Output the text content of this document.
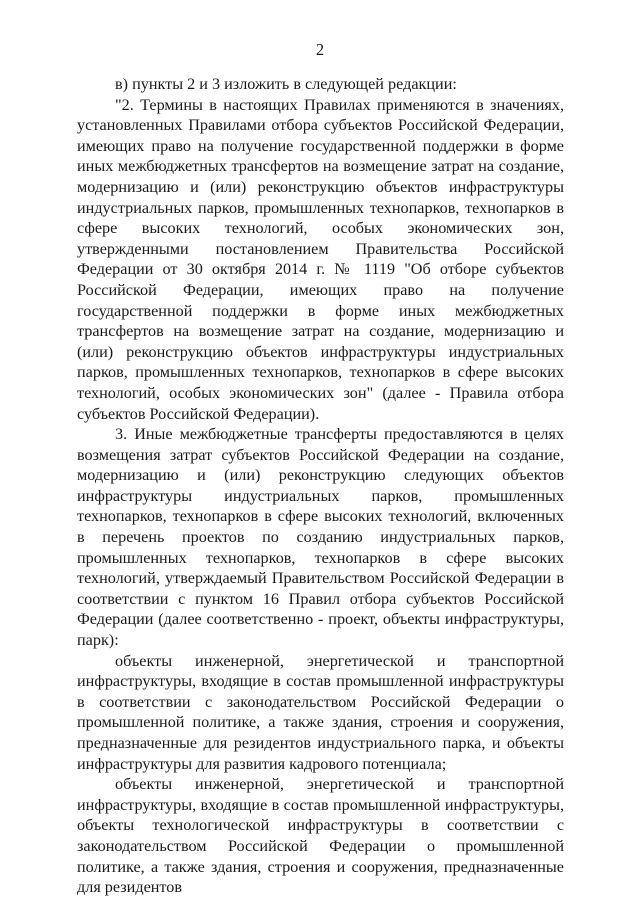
2

в) пункты 2 и 3 изложить в следующей редакции:

"2. Термины в настоящих Правилах применяются в значениях, установленных Правилами отбора субъектов Российской Федерации, имеющих право на получение государственной поддержки в форме иных межбюджетных трансфертов на возмещение затрат на создание, модернизацию и (или) реконструкцию объектов инфраструктуры индустриальных парков, промышленных технопарков, технопарков в сфере высоких технологий, особых экономических зон, утвержденными постановлением Правительства Российской Федерации от 30 октября 2014 г. № 1119 "Об отборе субъектов Российской Федерации, имеющих право на получение государственной поддержки в форме иных межбюджетных трансфертов на возмещение затрат на создание, модернизацию и (или) реконструкцию объектов инфраструктуры индустриальных парков, промышленных технопарков, технопарков в сфере высоких технологий, особых экономических зон" (далее - Правила отбора субъектов Российской Федерации).

3. Иные межбюджетные трансферты предоставляются в целях возмещения затрат субъектов Российской Федерации на создание, модернизацию и (или) реконструкцию следующих объектов инфраструктуры индустриальных парков, промышленных технопарков, технопарков в сфере высоких технологий, включенных в перечень проектов по созданию индустриальных парков, промышленных технопарков, технопарков в сфере высоких технологий, утверждаемый Правительством Российской Федерации в соответствии с пунктом 16 Правил отбора субъектов Российской Федерации (далее соответственно - проект, объекты инфраструктуры, парк):

объекты инженерной, энергетической и транспортной инфраструктуры, входящие в состав промышленной инфраструктуры в соответствии с законодательством Российской Федерации о промышленной политике, а также здания, строения и сооружения, предназначенные для резидентов индустриального парка, и объекты инфраструктуры для развития кадрового потенциала;

объекты инженерной, энергетической и транспортной инфраструктуры, входящие в состав промышленной инфраструктуры, объекты технологической инфраструктуры в соответствии с законодательством Российской Федерации о промышленной политике, а также здания, строения и сооружения, предназначенные для резидентов
